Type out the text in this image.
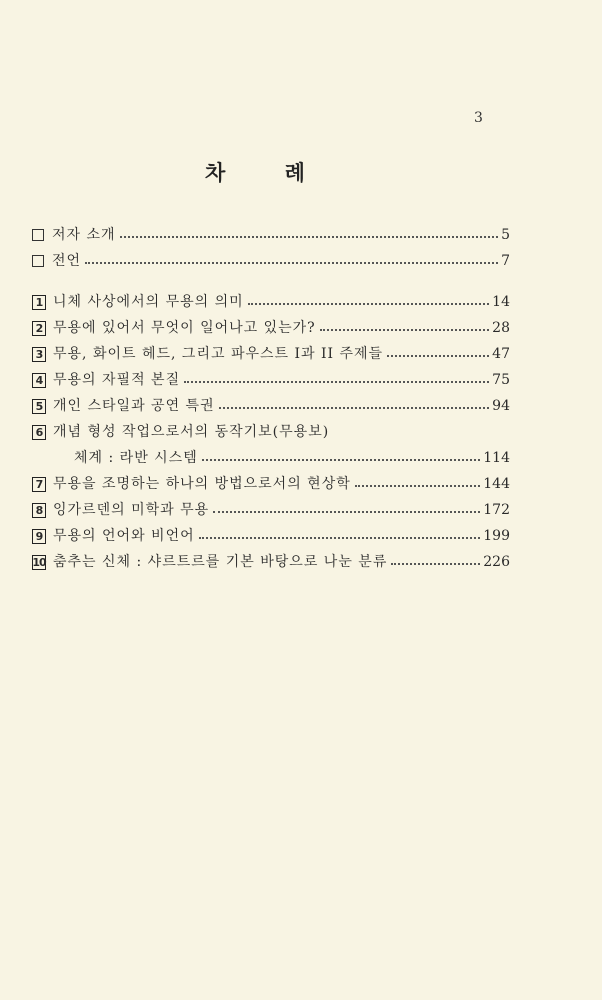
3
차 례
저자 소개	5
전언	7
1 니체 사상에서의 무용의 의미	14
2 무용에 있어서 무엇이 일어나고 있는가?	28
3 무용, 화이트 헤드, 그리고 파우스트 I과 II 주제들	47
4 무용의 자필적 본질	75
5 개인 스타일과 공연 특권	94
6 개념 형성 작업으로서의 동작기보(무용보)
체계 : 라반 시스템	114
7 무용을 조명하는 하나의 방법으로서의 현상학	144
8 잉가르덴의 미학과 무용	172
9 무용의 언어와 비언어	199
10 춤추는 신체 : 샤르트르를 기본 바탕으로 나눈 분류	226
